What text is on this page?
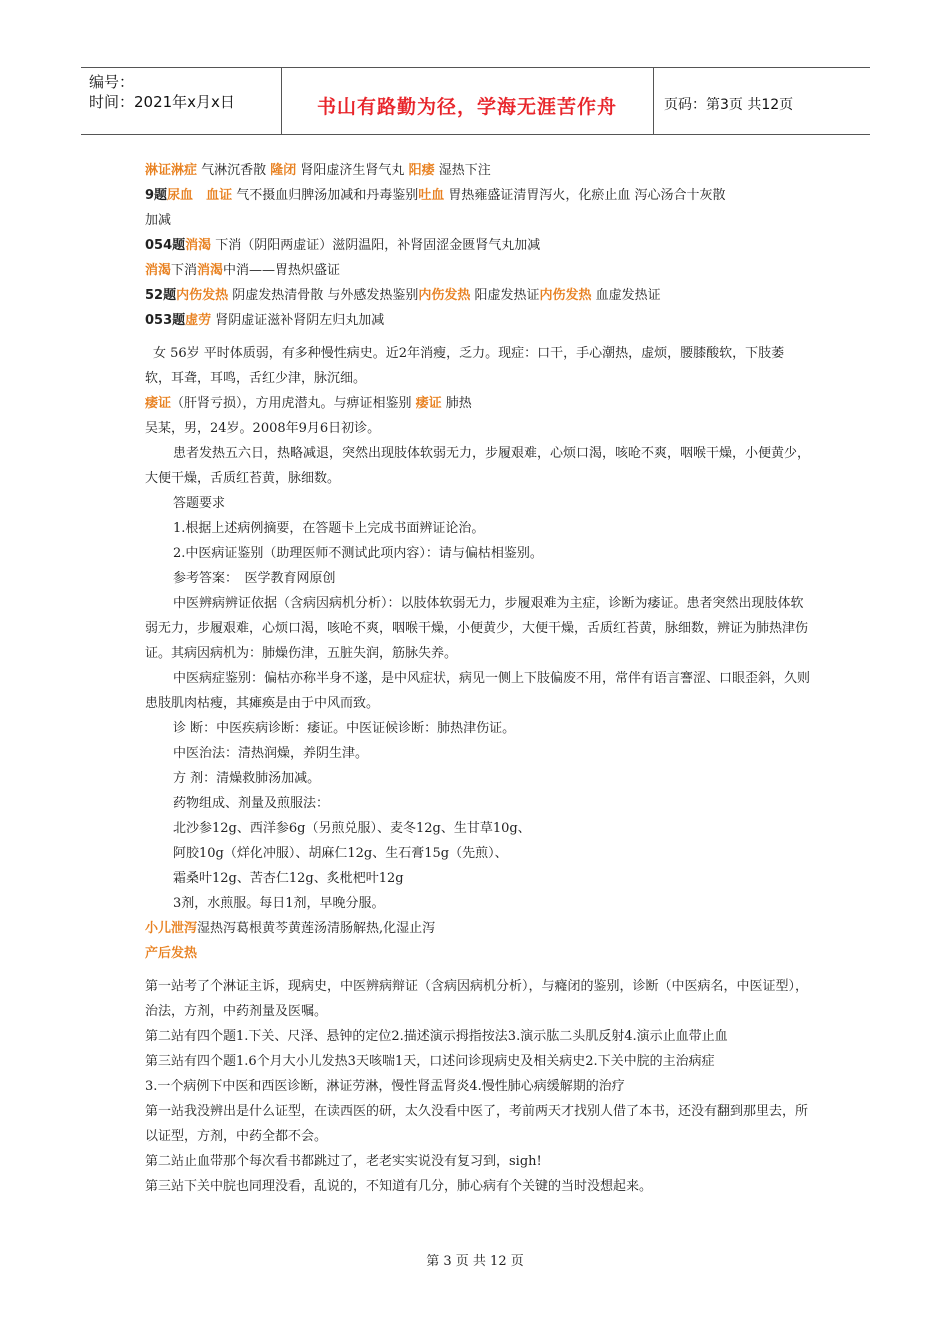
编号：
时间：2021年x月x日	书山有路勤为径，学海无涯苦作舟	页码：第3页 共12页

淋证淋症 气淋沉香散 隆闭 肾阳虚济生肾气丸 阳痿 湿热下注

9题尿血　 血证 气不摄血归脾汤加减和丹毒鉴别吐血 胃热雍盛证清胃泻火，化瘀止血 泻心汤合十灰散

加减

054题消渴 下消（阴阳两虚证）滋阴温阳，补肾固涩金匮肾气丸加减

消渴下消消渴中消——胃热炽盛证

52题内伤发热 阴虚发热清骨散 与外感发热鉴别内伤发热 阳虚发热证内伤发热 血虚发热证

053题虚劳 肾阴虚证滋补肾阴左归丸加减

女 56岁 平时体质弱，有多种慢性病史。近2年消瘦，乏力。现症：口干，手心潮热，虚烦，腰膝酸软，下肢萎软，耳聋，耳鸣，舌红少津，脉沉细。

痿证（肝肾亏损），方用虎潜丸。与痹证相鉴别 痿证 肺热

吴某，男，24岁。2008年9月6日初诊。

患者发热五六日，热略减退，突然出现肢体软弱无力，步履艰难，心烦口渴，咳呛不爽，咽喉干燥，小便黄少，大便干燥，舌质红苔黄，脉细数。

答题要求

1.根据上述病例摘要，在答题卡上完成书面辨证论治。

2.中医病证鉴别（助理医师不测试此项内容）：请与偏枯相鉴别。

参考答案：　医学教育网原创

中医辨病辨证依据（含病因病机分析）：以肢体软弱无力，步履艰难为主症，诊断为痿证。患者突然出现肢体软弱无力，步履艰难，心烦口渴，咳呛不爽，咽喉干燥，小便黄少，大便干燥，舌质红苔黄，脉细数，辨证为肺热津伤证。其病因病机为：肺燥伤津，五脏失润，筋脉失养。

中医病症鉴别：偏枯亦称半身不遂，是中风症状，病见一侧上下肢偏废不用，常伴有语言謇涩、口眼歪斜，久则患肢肌肉枯瘦，其瘫痪是由于中风而致。

诊 断：中医疾病诊断：痿证。中医证候诊断：肺热津伤证。

中医治法：清热润燥，养阴生津。

方 剂：清燥救肺汤加减。

药物组成、剂量及煎服法：

北沙参12g、西洋参6g（另煎兑服）、麦冬12g、生甘草10g、

阿胶10g（烊化冲服）、胡麻仁12g、生石膏15g（先煎）、

霜桑叶12g、苦杏仁12g、炙枇杷叶12g

3剂，水煎服。每日1剂，早晚分服。

小儿泄泻湿热泻葛根黄芩黄莲汤清肠解热,化湿止泻

产后发热

第一站考了个淋证主诉，现病史，中医辨病辩证（含病因病机分析），与癃闭的鉴别，诊断（中医病名，中医证型），治法，方剂，中药剂量及医嘱。

第二站有四个题1.下关、尺泽、悬钟的定位2.描述演示拇指按法3.演示肱二头肌反射4.演示止血带止血

第三站有四个题1.6个月大小儿发热3天咳喘1天，口述问诊现病史及相关病史2.下关中脘的主治病症

3.一个病例下中医和西医诊断，淋证劳淋，慢性肾盂肾炎4.慢性肺心病缓解期的治疗

第一站我没辨出是什么证型，在读西医的研，太久没看中医了，考前两天才找别人借了本书，还没有翻到那里去，所以证型，方剂，中药全都不会。

第二站止血带那个每次看书都跳过了，老老实实说没有复习到，sigh!

第三站下关中脘也同理没看，乱说的，不知道有几分，肺心病有个关键的当时没想起来。

第 3 页 共 12 页
